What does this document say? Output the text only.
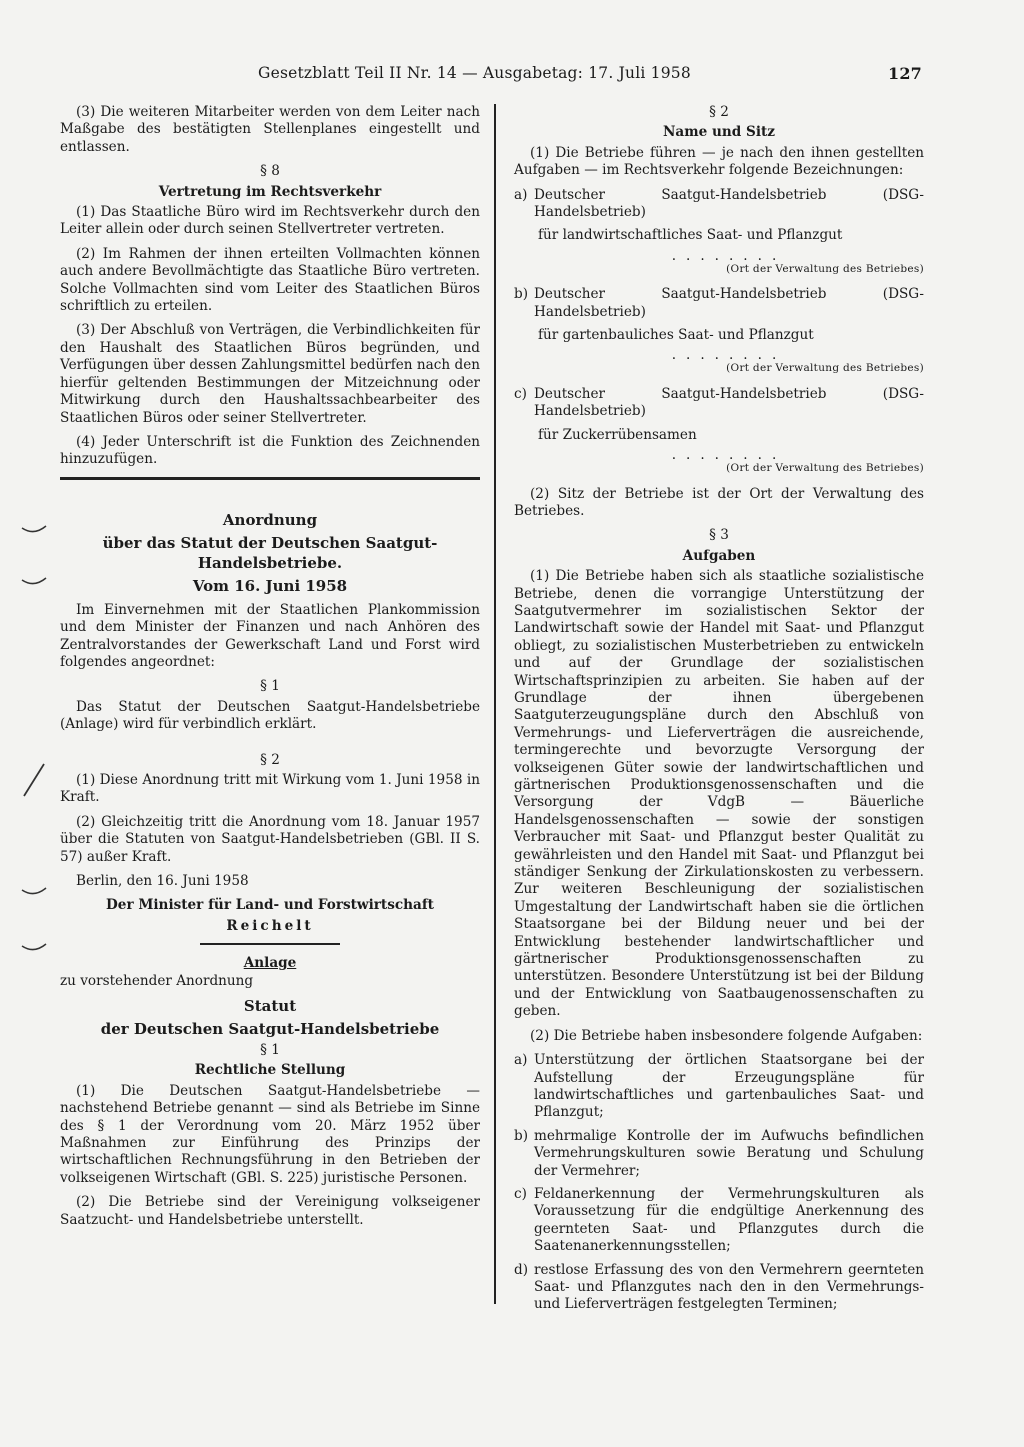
Gesetzblatt Teil II Nr. 14 — Ausgabetag: 17. Juli 1958	127

(3) Die weiteren Mitarbeiter werden von dem Leiter nach Maßgabe des bestätigten Stellenplanes eingestellt und entlassen.

§ 8
Vertretung im Rechtsverkehr

(1) Das Staatliche Büro wird im Rechtsverkehr durch den Leiter allein oder durch seinen Stellvertreter vertreten.

(2) Im Rahmen der ihnen erteilten Vollmachten können auch andere Bevollmächtigte das Staatliche Büro vertreten. Solche Vollmachten sind vom Leiter des Staatlichen Büros schriftlich zu erteilen.

(3) Der Abschluß von Verträgen, die Verbindlichkeiten für den Haushalt des Staatlichen Büros begründen, und Verfügungen über dessen Zahlungsmittel bedürfen nach den hierfür geltenden Bestimmungen der Mitzeichnung oder Mitwirkung durch den Haushaltssachbearbeiter des Staatlichen Büros oder seiner Stellvertreter.

(4) Jeder Unterschrift ist die Funktion des Zeichnenden hinzuzufügen.

Anordnung
über das Statut der Deutschen Saatgut-Handelsbetriebe.
Vom 16. Juni 1958

Im Einvernehmen mit der Staatlichen Plankommission und dem Minister der Finanzen und nach Anhören des Zentralvorstandes der Gewerkschaft Land und Forst wird folgendes angeordnet:

§ 1

Das Statut der Deutschen Saatgut-Handelsbetriebe (Anlage) wird für verbindlich erklärt.

§ 2

(1) Diese Anordnung tritt mit Wirkung vom 1. Juni 1958 in Kraft.

(2) Gleichzeitig tritt die Anordnung vom 18. Januar 1957 über die Statuten von Saatgut-Handelsbetrieben (GBl. II S. 57) außer Kraft.

Berlin, den 16. Juni 1958

Der Minister für Land- und Forstwirtschaft
Reichelt
Anlage
zu vorstehender Anordnung
Statut
der Deutschen Saatgut-Handelsbetriebe
§ 1
Rechtliche Stellung

(1) Die Deutschen Saatgut-Handelsbetriebe — nachstehend Betriebe genannt — sind als Betriebe im Sinne des § 1 der Verordnung vom 20. März 1952 über Maßnahmen zur Einführung des Prinzips der wirtschaftlichen Rechnungsführung in den Betrieben der volkseigenen Wirtschaft (GBl. S. 225) juristische Personen.

(2) Die Betriebe sind der Vereinigung volkseigener Saatzucht- und Handelsbetriebe unterstellt.

§ 2
Name und Sitz

(1) Die Betriebe führen — je nach den ihnen gestellten Aufgaben — im Rechtsverkehr folgende Bezeichnungen:

a) Deutscher Saatgut-Handelsbetrieb (DSG-Handelsbetrieb)
für landwirtschaftliches Saat- und Pflanzgut
........
(Ort der Verwaltung des Betriebes)
b) Deutscher Saatgut-Handelsbetrieb (DSG-Handelsbetrieb)
für gartenbauliches Saat- und Pflanzgut
........
(Ort der Verwaltung des Betriebes)
c) Deutscher Saatgut-Handelsbetrieb (DSG-Handelsbetrieb)
für Zuckerrübensamen
........
(Ort der Verwaltung des Betriebes)

(2) Sitz der Betriebe ist der Ort der Verwaltung des Betriebes.

§ 3
Aufgaben

(1) Die Betriebe haben sich als staatliche sozialistische Betriebe, denen die vorrangige Unterstützung der Saatgutvermehrer im sozialistischen Sektor der Landwirtschaft sowie der Handel mit Saat- und Pflanzgut obliegt, zu sozialistischen Musterbetrieben zu entwickeln und auf der Grundlage der sozialistischen Wirtschaftsprinzipien zu arbeiten. Sie haben auf der Grundlage der ihnen übergebenen Saatguterzeugungspläne durch den Abschluß von Vermehrungs- und Lieferverträgen die ausreichende, termingerechte und bevorzugte Versorgung der volkseigenen Güter sowie der landwirtschaftlichen und gärtnerischen Produktionsgenossenschaften und die Versorgung der VdgB — Bäuerliche Handelsgenossenschaften — sowie der sonstigen Verbraucher mit Saat- und Pflanzgut bester Qualität zu gewährleisten und den Handel mit Saat- und Pflanzgut bei ständiger Senkung der Zirkulationskosten zu verbessern. Zur weiteren Beschleunigung der sozialistischen Umgestaltung der Landwirtschaft haben sie die örtlichen Staatsorgane bei der Bildung neuer und bei der Entwicklung bestehender landwirtschaftlicher und gärtnerischer Produktionsgenossenschaften zu unterstützen. Besondere Unterstützung ist bei der Bildung und der Entwicklung von Saatbaugenossenschaften zu geben.

(2) Die Betriebe haben insbesondere folgende Aufgaben:

a) Unterstützung der örtlichen Staatsorgane bei der Aufstellung der Erzeugungspläne für landwirtschaftliches und gartenbauliches Saat- und Pflanzgut;
b) mehrmalige Kontrolle der im Aufwuchs befindlichen Vermehrungskulturen sowie Beratung und Schulung der Vermehrer;
c) Feldanerkennung der Vermehrungskulturen als Voraussetzung für die endgültige Anerkennung des geernteten Saat- und Pflanzgutes durch die Saatenanerkennungsstellen;
d) restlose Erfassung des von den Vermehrern geernteten Saat- und Pflanzgutes nach den in den Vermehrungs- und Lieferverträgen festgelegten Terminen;
